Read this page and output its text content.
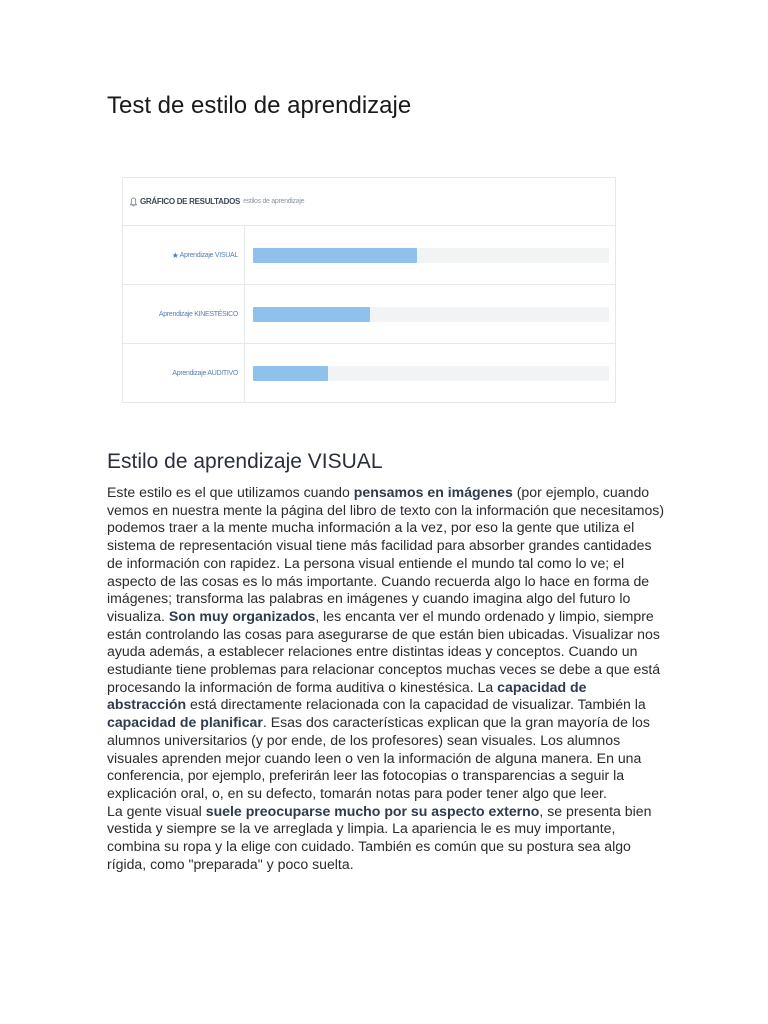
Test de estilo de aprendizaje
GRÁFICO DE RESULTADOS estilos de aprendizaje
★ Aprendizaje VISUAL
Aprendizaje KINESTÉSICO
Aprendizaje AUDITIVO
Estilo de aprendizaje VISUAL
Este estilo es el que utilizamos cuando pensamos en imágenes (por ejemplo, cuando vemos en nuestra mente la página del libro de texto con la información que necesitamos) podemos traer a la mente mucha información a la vez, por eso la gente que utiliza el sistema de representación visual tiene más facilidad para absorber grandes cantidades de información con rapidez. La persona visual entiende el mundo tal como lo ve; el aspecto de las cosas es lo más importante. Cuando recuerda algo lo hace en forma de imágenes; transforma las palabras en imágenes y cuando imagina algo del futuro lo visualiza. Son muy organizados, les encanta ver el mundo ordenado y limpio, siempre están controlando las cosas para asegurarse de que están bien ubicadas. Visualizar nos ayuda además, a establecer relaciones entre distintas ideas y conceptos. Cuando un estudiante tiene problemas para relacionar conceptos muchas veces se debe a que está procesando la información de forma auditiva o kinestésica. La capacidad de abstracción está directamente relacionada con la capacidad de visualizar. También la capacidad de planificar. Esas dos características explican que la gran mayoría de los alumnos universitarios (y por ende, de los profesores) sean visuales. Los alumnos visuales aprenden mejor cuando leen o ven la información de alguna manera. En una conferencia, por ejemplo, preferirán leer las fotocopias o transparencias a seguir la explicación oral, o, en su defecto, tomarán notas para poder tener algo que leer.
La gente visual suele preocuparse mucho por su aspecto externo, se presenta bien vestida y siempre se la ve arreglada y limpia. La apariencia le es muy importante, combina su ropa y la elige con cuidado. También es común que su postura sea algo rígida, como "preparada" y poco suelta.
